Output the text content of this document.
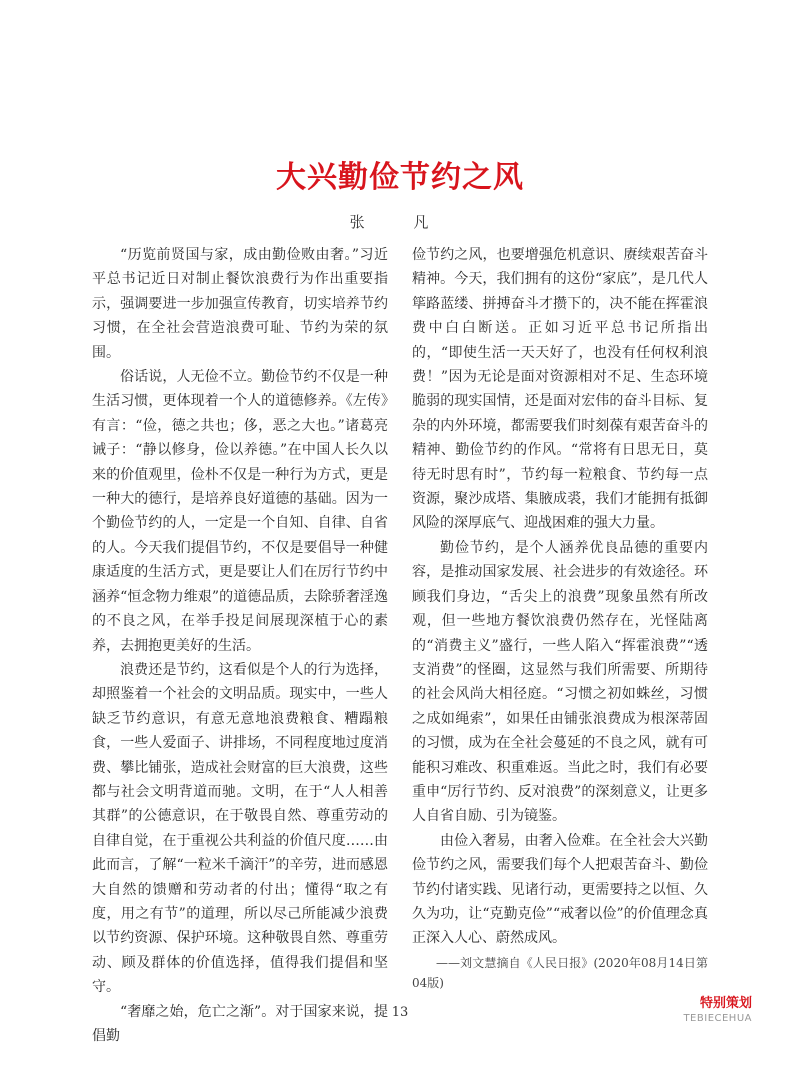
大兴勤俭节约之风
张 凡

“历览前贤国与家，成由勤俭败由奢。”习近平总书记近日对制止餐饮浪费行为作出重要指示，强调要进一步加强宣传教育，切实培养节约习惯，在全社会营造浪费可耻、节约为荣的氛围。

俗话说，人无俭不立。勤俭节约不仅是一种生活习惯，更体现着一个人的道德修养。《左传》有言：“俭，德之共也；侈，恶之大也。”诸葛亮诫子：“静以修身，俭以养德。”在中国人长久以来的价值观里，俭朴不仅是一种行为方式，更是一种大的德行，是培养良好道德的基础。因为一个勤俭节约的人，一定是一个自知、自律、自省的人。今天我们提倡节约，不仅是要倡导一种健康适度的生活方式，更是要让人们在厉行节约中涵养“恒念物力维艰”的道德品质，去除骄奢淫逸的不良之风，在举手投足间展现深植于心的素养，去拥抱更美好的生活。

浪费还是节约，这看似是个人的行为选择，却照鉴着一个社会的文明品质。现实中，一些人缺乏节约意识，有意无意地浪费粮食、糟蹋粮食，一些人爱面子、讲排场，不同程度地过度消费、攀比铺张，造成社会财富的巨大浪费，这些都与社会文明背道而驰。文明，在于“人人相善其群”的公德意识，在于敬畏自然、尊重劳动的自律自觉，在于重视公共利益的价值尺度……由此而言，了解“一粒米千滴汗”的辛劳，进而感恩大自然的馈赠和劳动者的付出；懂得“取之有度，用之有节”的道理，所以尽己所能减少浪费以节约资源、保护环境。这种敬畏自然、尊重劳动、顾及群体的价值选择，值得我们提倡和坚守。

“奢靡之始，危亡之渐”。对于国家来说，提倡勤

俭节约之风，也要增强危机意识、赓续艰苦奋斗精神。今天，我们拥有的这份“家底”，是几代人筚路蓝缕、拼搏奋斗才攒下的，决不能在挥霍浪费中白白断送。正如习近平总书记所指出的，“即使生活一天天好了，也没有任何权利浪费！”因为无论是面对资源相对不足、生态环境脆弱的现实国情，还是面对宏伟的奋斗目标、复杂的内外环境，都需要我们时刻葆有艰苦奋斗的精神、勤俭节约的作风。“常将有日思无日，莫待无时思有时”，节约每一粒粮食、节约每一点资源，聚沙成塔、集腋成裘，我们才能拥有抵御风险的深厚底气、迎战困难的强大力量。

勤俭节约，是个人涵养优良品德的重要内容，是推动国家发展、社会进步的有效途径。环顾我们身边，“舌尖上的浪费”现象虽然有所改观，但一些地方餐饮浪费仍然存在，光怪陆离的“消费主义”盛行，一些人陷入“挥霍浪费”“透支消费”的怪圈，这显然与我们所需要、所期待的社会风尚大相径庭。“习惯之初如蛛丝，习惯之成如绳索”，如果任由铺张浪费成为根深蒂固的习惯，成为在全社会蔓延的不良之风，就有可能积习难改、积重难返。当此之时，我们有必要重申“厉行节约、反对浪费”的深刻意义，让更多人自省自励、引为镜鉴。

由俭入奢易，由奢入俭难。在全社会大兴勤俭节约之风，需要我们每个人把艰苦奋斗、勤俭节约付诸实践、见诸行动，更需要持之以恒、久久为功，让“克勤克俭”“戒奢以俭”的价值理念真正深入人心、蔚然成风。

——刘文慧摘自《人民日报》(2020年08月14日第04版)
13
特别策划
TEBIECEHUA
